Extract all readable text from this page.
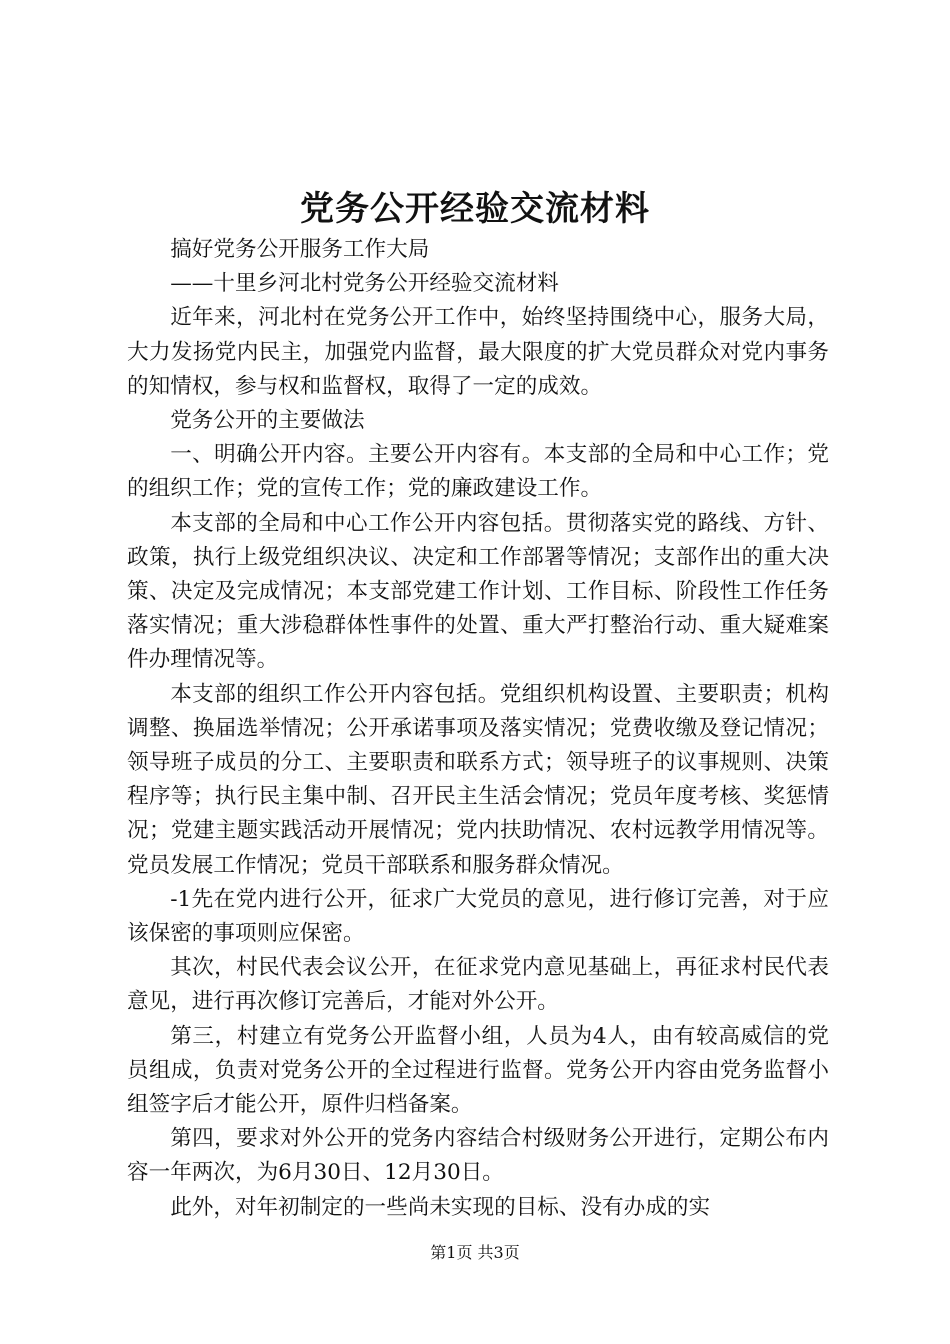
党务公开经验交流材料

搞好党务公开服务工作大局

——十里乡河北村党务公开经验交流材料

近年来，河北村在党务公开工作中，始终坚持围绕中心，服务大局，大力发扬党内民主，加强党内监督，最大限度的扩大党员群众对党内事务的知情权，参与权和监督权，取得了一定的成效。

党务公开的主要做法

一、明确公开内容。主要公开内容有。本支部的全局和中心工作；党的组织工作；党的宣传工作；党的廉政建设工作。

本支部的全局和中心工作公开内容包括。贯彻落实党的路线、方针、政策，执行上级党组织决议、决定和工作部署等情况；支部作出的重大决策、决定及完成情况；本支部党建工作计划、工作目标、阶段性工作任务落实情况；重大涉稳群体性事件的处置、重大严打整治行动、重大疑难案件办理情况等。

本支部的组织工作公开内容包括。党组织机构设置、主要职责；机构调整、换届选举情况；公开承诺事项及落实情况；党费收缴及登记情况；领导班子成员的分工、主要职责和联系方式；领导班子的议事规则、决策程序等；执行民主集中制、召开民主生活会情况；党员年度考核、奖惩情况；党建主题实践活动开展情况；党内扶助情况、农村远教学用情况等。党员发展工作情况；党员干部联系和服务群众情况。

-1先在党内进行公开，征求广大党员的意见，进行修订完善，对于应该保密的事项则应保密。

其次，村民代表会议公开，在征求党内意见基础上，再征求村民代表意见，进行再次修订完善后，才能对外公开。

第三，村建立有党务公开监督小组，人员为4人，由有较高威信的党员组成，负责对党务公开的全过程进行监督。党务公开内容由党务监督小组签字后才能公开，原件归档备案。

第四，要求对外公开的党务内容结合村级财务公开进行，定期公布内容一年两次，为6月30日、12月30日。

此外，对年初制定的一些尚未实现的目标、没有办成的实

第1页 共3页
